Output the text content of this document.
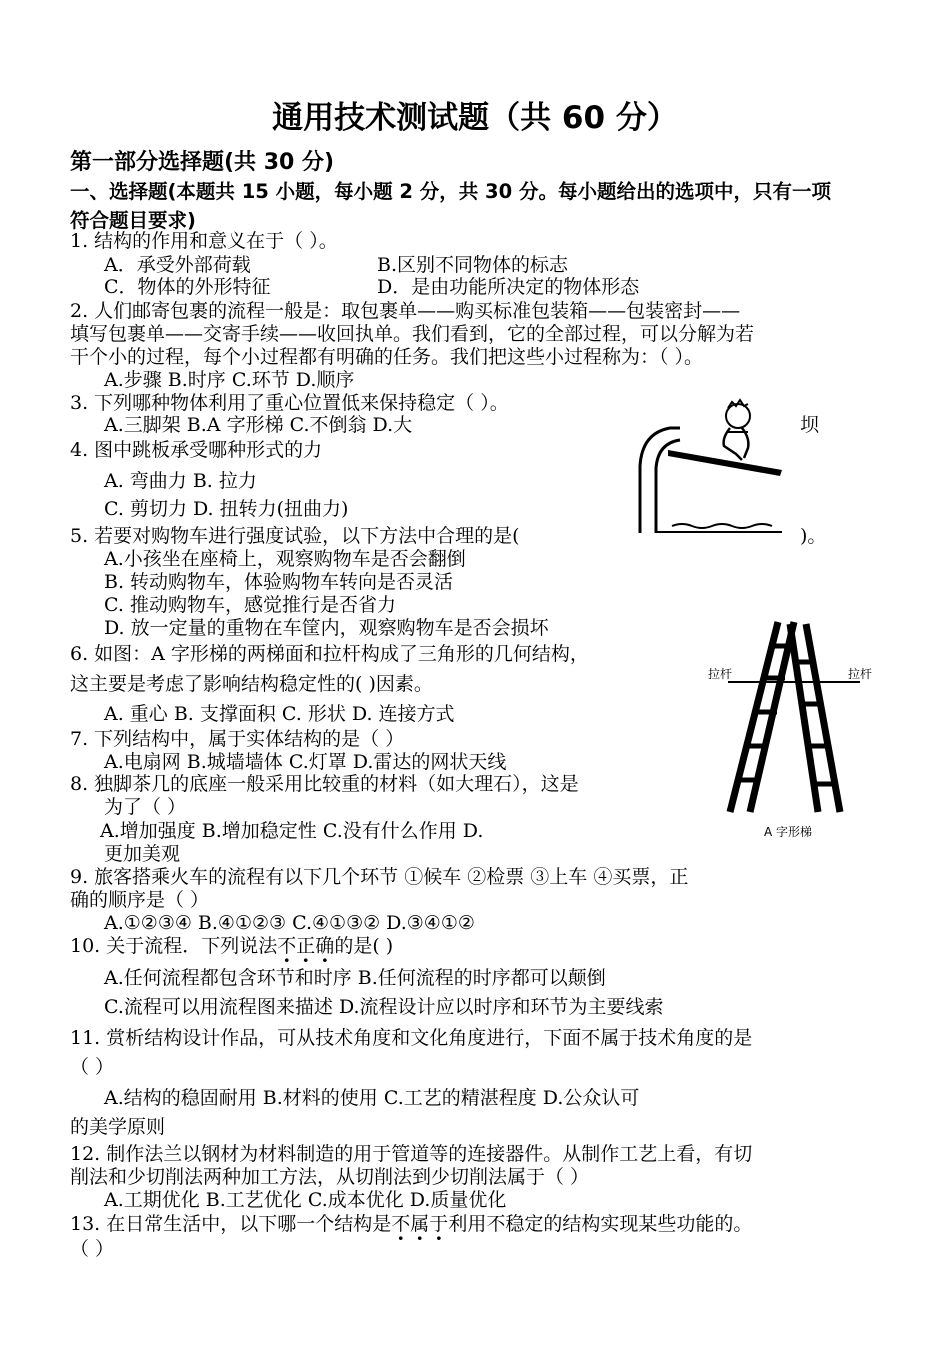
通用技术测试题（共 60 分）
第一部分选择题(共 30 分)
一、选择题(本题共 15 小题，每小题 2 分，共 30 分。每小题给出的选项中，只有一项
符合题目要求)
1. 结构的作用和意义在于（ ）。
A．承受外部荷载	B.区别不同物体的标志
C．物体的外形特征	D．是由功能所决定的物体形态
2. 人们邮寄包裹的流程一般是：取包裹单——购买标准包装箱——包装密封——
填写包裹单——交寄手续——收回执单。我们看到，它的全部过程，可以分解为若
干个小的过程，每个小过程都有明确的任务。我们把这些小过程称为：（ ）。
A.步骤 B.时序 C.环节 D.顺序
3. 下列哪种物体利用了重心位置低来保持稳定（ ）。
A.三脚架 B.A 字形梯 C.不倒翁 D.大	坝
4. 图中跳板承受哪种形式的力
A. 弯曲力 B. 拉力
C. 剪切力 D. 扭转力(扭曲力)
5. 若要对购物车进行强度试验，以下方法中合理的是(	)。
A.小孩坐在座椅上，观察购物车是否会翻倒
B. 转动购物车，体验购物车转向是否灵活
C. 推动购物车，感觉推行是否省力
D. 放一定量的重物在车筐内，观察购物车是否会损坏
6. 如图：A 字形梯的两梯面和拉杆构成了三角形的几何结构，
这主要是考虑了影响结构稳定性的( )因素。
A. 重心 B. 支撑面积 C. 形状 D. 连接方式
7. 下列结构中，属于实体结构的是（ ）
A.电扇网 B.城墙墙体 C.灯罩 D.雷达的网状天线
8. 独脚茶几的底座一般采用比较重的材料（如大理石），这是
为了（ ）
A.增加强度 B.增加稳定性 C.没有什么作用 D.
更加美观
9. 旅客搭乘火车的流程有以下几个环节 ①候车 ②检票 ③上车 ④买票，正
确的顺序是（ ）
A.①②③④ B.④①②③ C.④①③② D.③④①②
10. 关于流程．下列说法不正确的是( )
A.任何流程都包含环节和时序 B.任何流程的时序都可以颠倒
C.流程可以用流程图来描述 D.流程设计应以时序和环节为主要线索
11. 赏析结构设计作品，可从技术角度和文化角度进行，下面不属于技术角度的是
（ ）
A.结构的稳固耐用 B.材料的使用 C.工艺的精湛程度 D.公众认可
的美学原则
12. 制作法兰以钢材为材料制造的用于管道等的连接器件。从制作工艺上看，有切
削法和少切削法两种加工方法，从切削法到少切削法属于（ ）
A.工期优化 B.工艺优化 C.成本优化 D.质量优化
13. 在日常生活中，以下哪一个结构是不属于利用不稳定的结构实现某些功能的。
（ ）
拉杆	拉杆
A 字形梯
